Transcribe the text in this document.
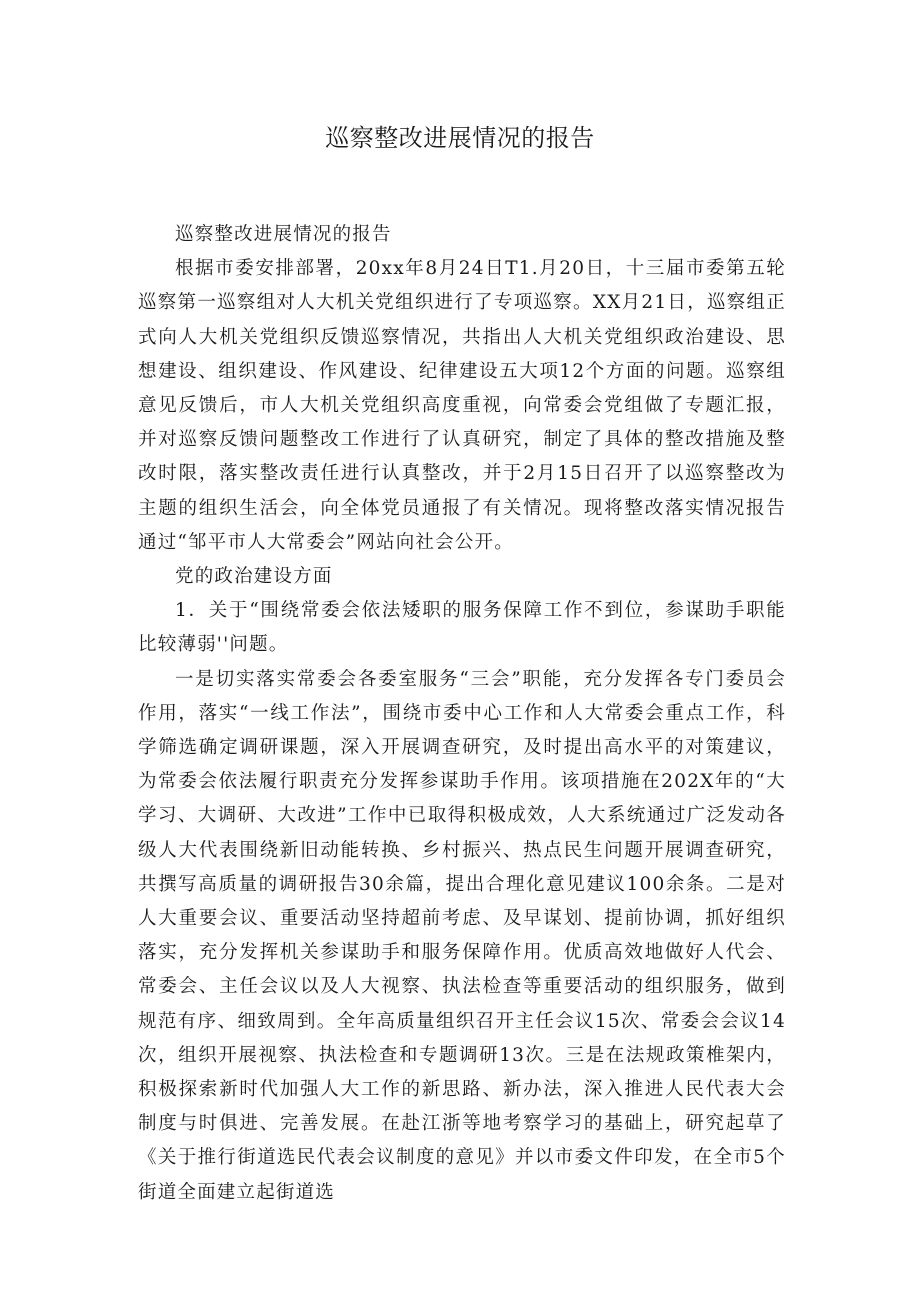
巡察整改进展情况的报告

巡察整改进展情况的报告

根据市委安排部署，20xx年8月24日T1.月20日，十三届市委第五轮巡察第一巡察组对人大机关党组织进行了专项巡察。XX月21日，巡察组正式向人大机关党组织反馈巡察情况，共指出人大机关党组织政治建设、思想建设、组织建设、作风建设、纪律建设五大项12个方面的问题。巡察组意见反馈后，市人大机关党组织高度重视，向常委会党组做了专题汇报，并对巡察反馈问题整改工作进行了认真研究，制定了具体的整改措施及整改时限，落实整改责任进行认真整改，并于2月15日召开了以巡察整改为主题的组织生活会，向全体党员通报了有关情况。现将整改落实情况报告通过“邹平市人大常委会”网站向社会公开。

党的政治建设方面

1．关于“围绕常委会依法矮职的服务保障工作不到位，参谋助手职能比较薄弱''问题。

一是切实落实常委会各委室服务“三会”职能，充分发挥各专门委员会作用，落实“一线工作法”，围绕市委中心工作和人大常委会重点工作，科学筛选确定调研课题，深入开展调查研究，及时提出高水平的对策建议，为常委会依法履行职责充分发挥参谋助手作用。该项措施在202X年的“大学习、大调研、大改进”工作中已取得积极成效，人大系统通过广泛发动各级人大代表围绕新旧动能转换、乡村振兴、热点民生问题开展调查研究，共撰写高质量的调研报告30余篇，提出合理化意见建议100余条。二是对人大重要会议、重要活动坚持超前考虑、及早谋划、提前协调，抓好组织落实，充分发挥机关参谋助手和服务保障作用。优质高效地做好人代会、常委会、主任会议以及人大视察、执法检查等重要活动的组织服务，做到规范有序、细致周到。全年高质量组织召开主任会议15次、常委会会议14次，组织开展视察、执法检查和专题调研13次。三是在法规政策椎架内，积极探索新时代加强人大工作的新思路、新办法，深入推进人民代表大会制度与时俱进、完善发展。在赴江浙等地考察学习的基础上，研究起草了《关于推行街道选民代表会议制度的意见》并以市委文件印发，在全市5个街道全面建立起街道选
